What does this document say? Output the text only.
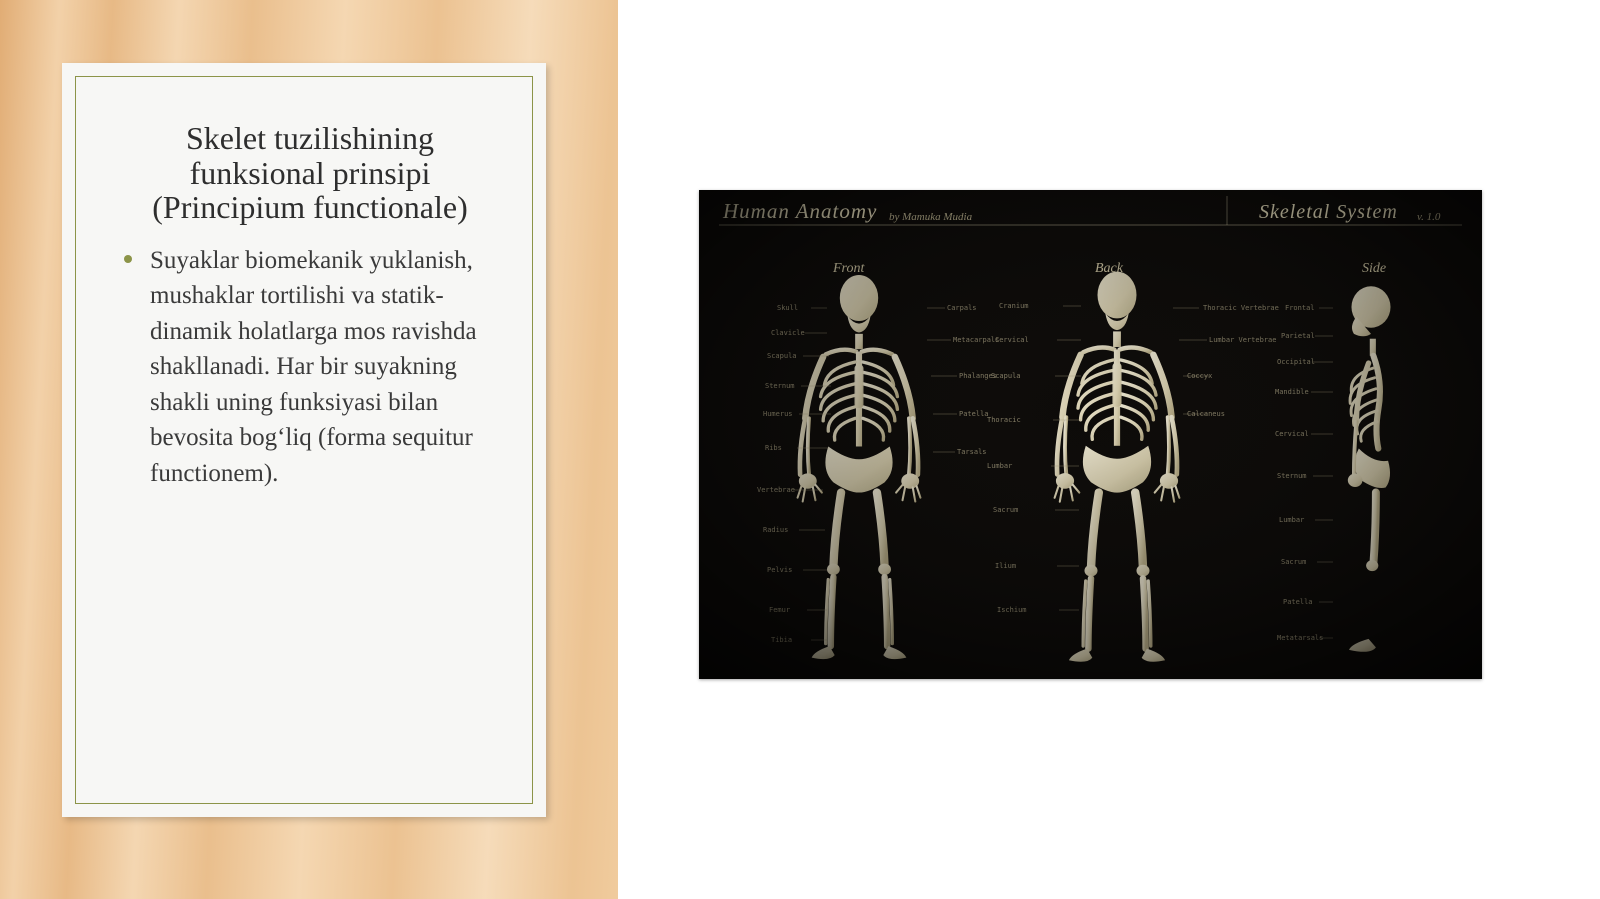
Skelet tuzilishining funksional prinsipi (Principium functionale)
Suyaklar biomekanik yuklanish, mushaklar tortilishi va statik-dinamik holatlarga mos ravishda shakllanadi. Har bir suyakning shakli uning funksiyasi bilan bevosita bog‘liq (forma sequitur functionem).
